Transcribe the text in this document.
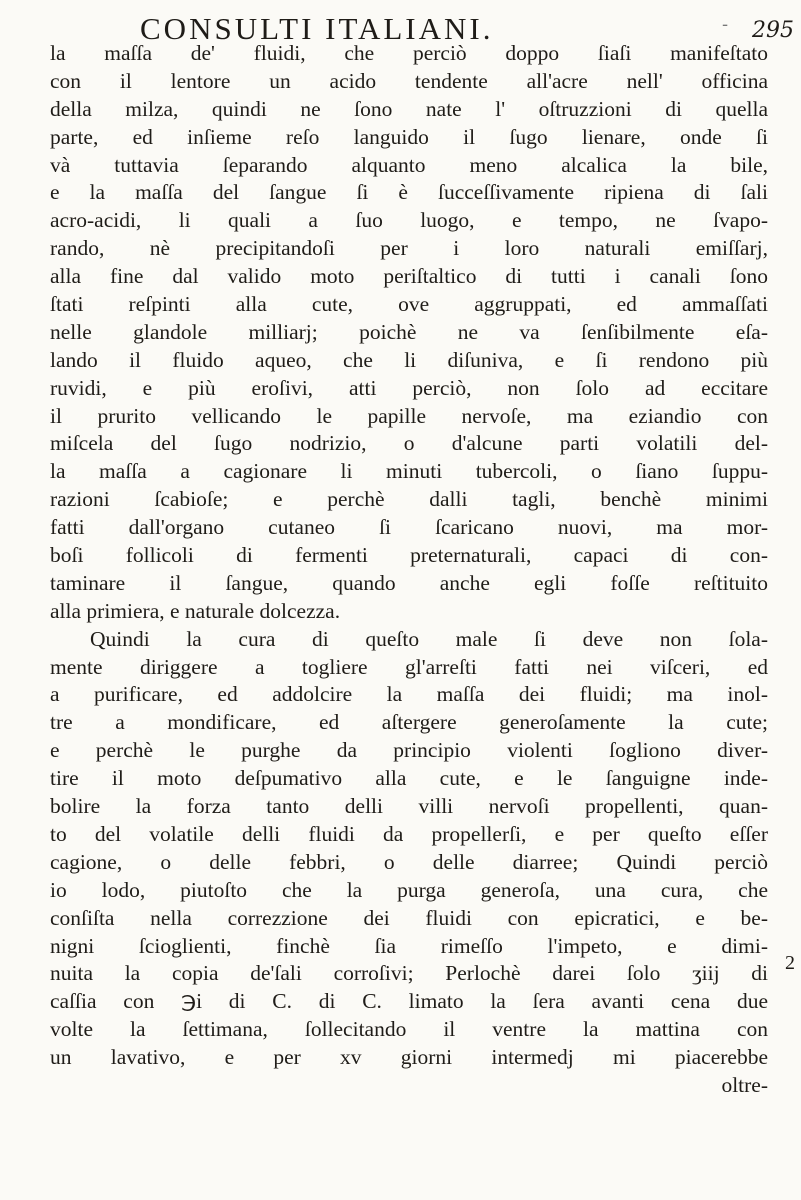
CONSULTI ITALIANI.	- 295
la maſſa de' fluidi, che perciò doppo ſiaſi manifeſtato
con il lentore un acido tendente all'acre nell' officina
della milza, quindi ne ſono nate l' oſtruzzioni di quella
parte, ed inſieme reſo languido il ſugo lienare, onde ſi
và tuttavia ſeparando alquanto meno alcalica la bile,
e la maſſa del ſangue ſi è ſucceſſivamente ripiena di ſali
acro-acidi, li quali a ſuo luogo, e tempo, ne ſvapo-
rando, nè precipitandoſi per i loro naturali emiſſarj,
alla fine dal valido moto periſtaltico di tutti i canali ſono
ſtati reſpinti alla cute, ove aggruppati, ed ammaſſati
nelle glandole milliarj; poichè ne va ſenſibilmente eſa-
lando il fluido aqueo, che li diſuniva, e ſi rendono più
ruvidi, e più eroſivi, atti perciò, non ſolo ad eccitare
il prurito vellicando le papille nervoſe, ma eziandio con
miſcela del ſugo nodrizio, o d'alcune parti volatili del-
la maſſa a cagionare li minuti tubercoli, o ſiano ſuppu-
razioni ſcabioſe; e perchè dalli tagli, benchè minimi
fatti dall'organo cutaneo ſi ſcaricano nuovi, ma mor-
boſi follicoli di fermenti preternaturali, capaci di con-
taminare il ſangue, quando anche egli foſſe reſtituito
alla primiera, e naturale dolcezza.
Quindi la cura di queſto male ſi deve non ſola-
mente diriggere a togliere gl'arreſti fatti nei viſceri, ed
a purificare, ed addolcire la maſſa dei fluidi; ma inol-
tre a mondificare, ed aſtergere generoſamente la cute;
e perchè le purghe da principio violenti ſogliono diver-
tire il moto deſpumativo alla cute, e le ſanguigne inde-
bolire la forza tanto delli villi nervoſi propellenti, quan-
to del volatile delli fluidi da propellerſi, e per queſto eſſer
cagione, o delle febbri, o delle diarree; Quindi perciò
io lodo, piutoſto che la purga generoſa, una cura, che
conſiſta nella correzzione dei fluidi con epicratici, e be-
nigni ſcioglienti, finchè ſia rimeſſo l'impeto, e dimi-
nuita la copia de'ſali corroſivi; Perlochè darei ſolo ʒiij di
caſſia con ℈i di C. di C. limato la ſera avanti cena due
volte la ſettimana, ſollecitando il ventre la mattina con
un lavativo, e per xv giorni intermedj mi piacerebbe
oltre-
2
